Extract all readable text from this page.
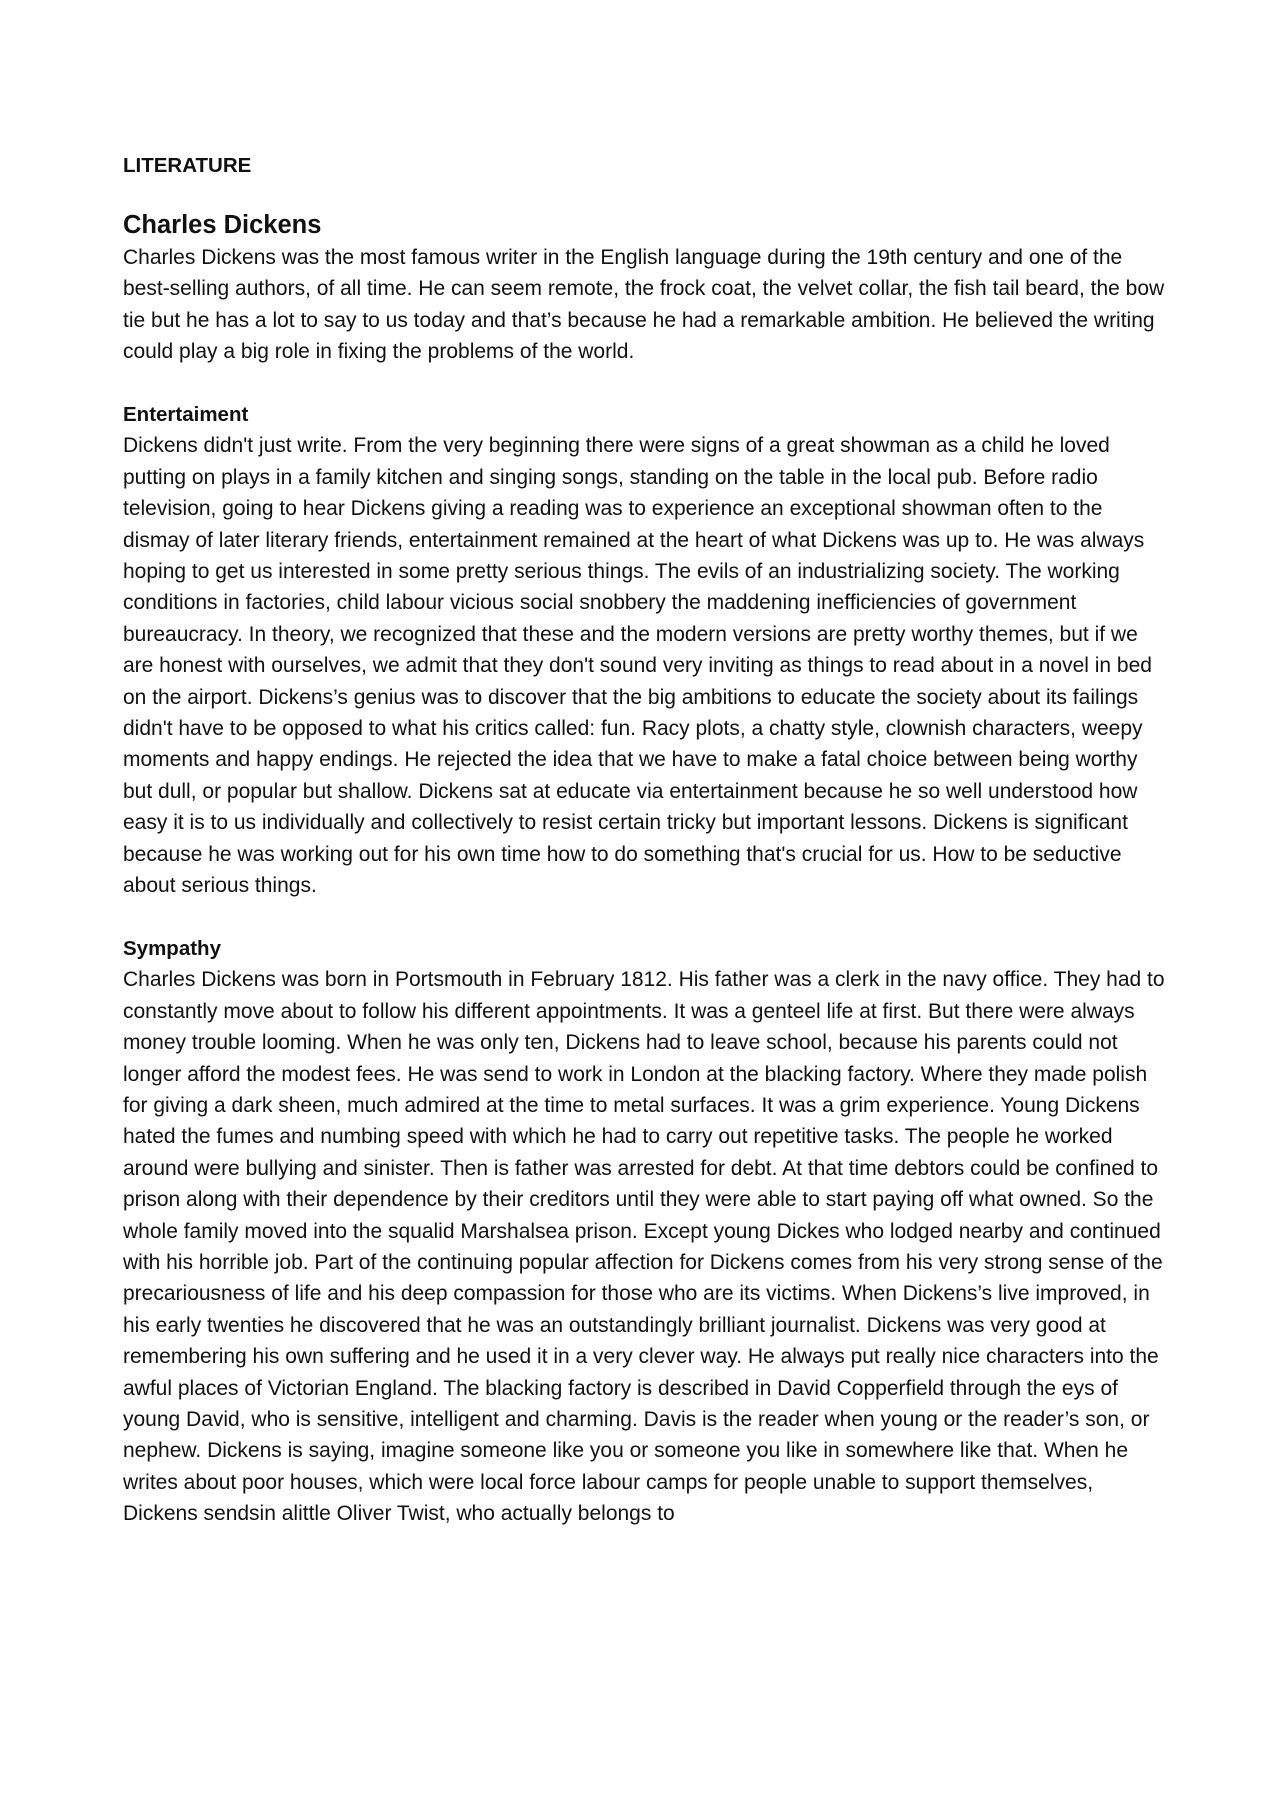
LITERATURE

Charles Dickens

Charles Dickens was the most famous writer in the English language during the 19th century and one of the best-selling authors, of all time. He can seem remote, the frock coat, the velvet collar, the fish tail beard, the bow tie but he has a lot to say to us today and that’s because he had a remarkable ambition. He believed the writing could play a big role in fixing the problems of the world.

Entertaiment

Dickens didn't just write. From the very beginning there were signs of a great showman as a child he loved putting on plays in a family kitchen and singing songs, standing on the table in the local pub. Before radio television, going to hear Dickens giving a reading was to experience an exceptional showman often to the dismay of later literary friends, entertainment remained at the heart of what Dickens was up to. He was always hoping to get us interested in some pretty serious things. The evils of an industrializing society. The working conditions in factories, child labour vicious social snobbery the maddening inefficiencies of government bureaucracy. In theory, we recognized that these and the modern versions are pretty worthy themes, but if we are honest with ourselves, we admit that they don't sound very inviting as things to read about in a novel in bed on the airport. Dickens’s genius was to discover that the big ambitions to educate the society about its failings didn't have to be opposed to what his critics called: fun. Racy plots, a chatty style, clownish characters, weepy moments and happy endings. He rejected the idea that we have to make a fatal choice between being worthy but dull, or popular but shallow. Dickens sat at educate via entertainment because he so well understood how easy it is to us individually and collectively to resist certain tricky but important lessons. Dickens is significant because he was working out for his own time how to do something that's crucial for us. How to be seductive about serious things.

Sympathy

Charles Dickens was born in Portsmouth in February 1812. His father was a clerk in the navy office. They had to constantly move about to follow his different appointments. It was a genteel life at first. But there were always money trouble looming. When he was only ten, Dickens had to leave school, because his parents could not longer afford the modest fees. He was send to work in London at the blacking factory. Where they made polish for giving a dark sheen, much admired at the time to metal surfaces. It was a grim experience. Young Dickens hated the fumes and numbing speed with which he had to carry out repetitive tasks. The people he worked around were bullying and sinister. Then is father was arrested for debt. At that time debtors could be confined to prison along with their dependence by their creditors until they were able to start paying off what owned. So the whole family moved into the squalid Marshalsea prison. Except young Dickes who lodged nearby and continued with his horrible job. Part of the continuing popular affection for Dickens comes from his very strong sense of the precariousness of life and his deep compassion for those who are its victims. When Dickens’s live improved, in his early twenties he discovered that he was an outstandingly brilliant journalist. Dickens was very good at remembering his own suffering and he used it in a very clever way. He always put really nice characters into the awful places of Victorian England. The blacking factory is described in David Copperfield through the eys of young David, who is sensitive, intelligent and charming. Davis is the reader when young or the reader’s son, or nephew. Dickens is saying, imagine someone like you or someone you like in somewhere like that. When he writes about poor houses, which were local force labour camps for people unable to support themselves, Dickens sendsin alittle Oliver Twist, who actually belongs to
